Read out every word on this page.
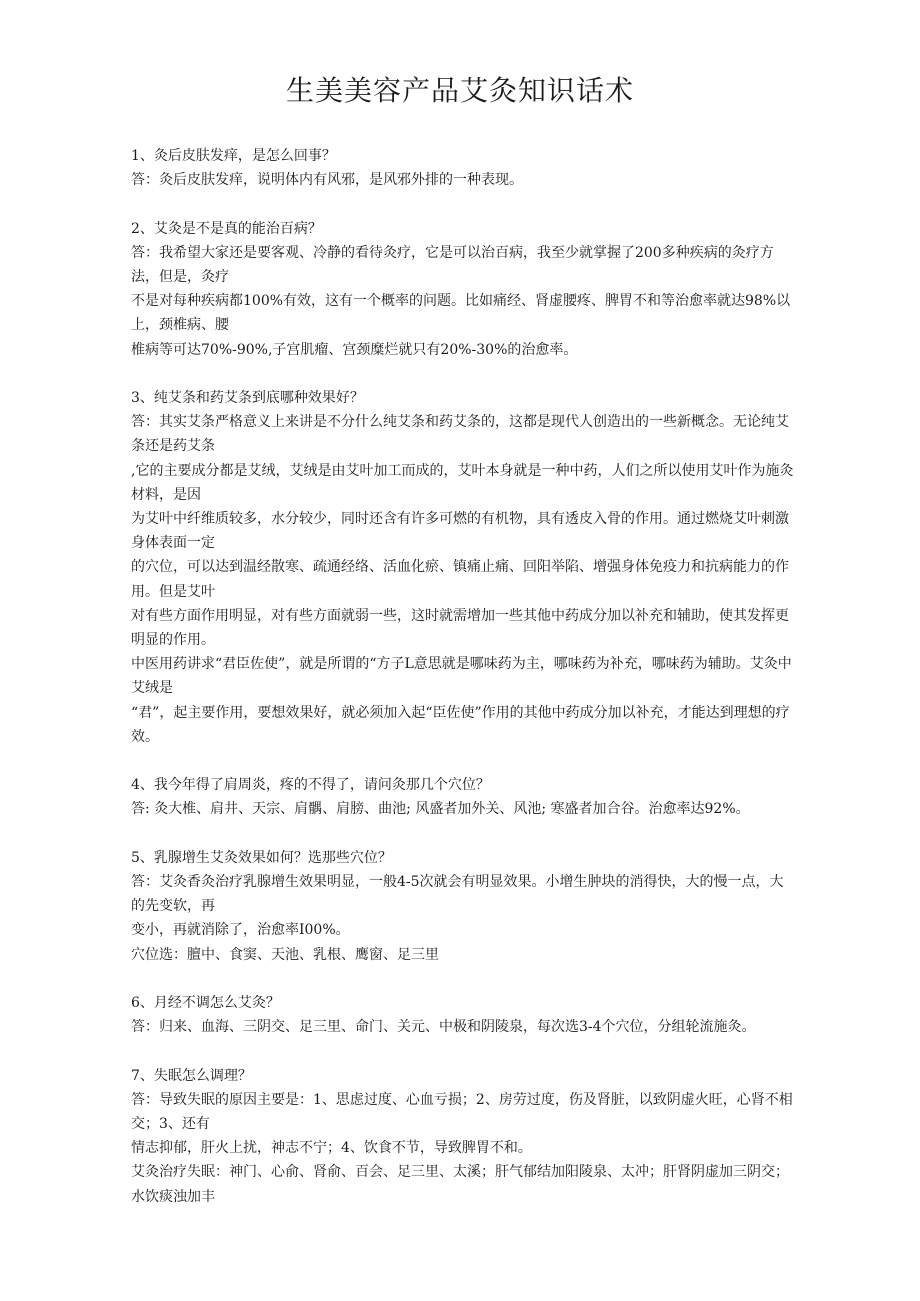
生美美容产品艾灸知识话术
1、灸后皮肤发痒，是怎么回事？
答：灸后皮肤发痒，说明体内有风邪，是风邪外排的一种表现。
2、艾灸是不是真的能治百病？
答：我希望大家还是要客观、冷静的看待灸疗，它是可以治百病，我至少就掌握了200多种疾病的灸疗方法，但是，灸疗
不是对每种疾病都100%有效，这有一个概率的问题。比如痛经、肾虚腰疼、脾胃不和等治愈率就达98%以上，颈椎病、腰
椎病等可达70%-90%,子宫肌瘤、宫颈糜烂就只有20%-30%的治愈率。
3、纯艾条和药艾条到底哪种效果好？
答：其实艾条严格意义上来讲是不分什么纯艾条和药艾条的，这都是现代人创造出的一些新概念。无论纯艾条还是药艾条
,它的主要成分都是艾绒，艾绒是由艾叶加工而成的，艾叶本身就是一种中药，人们之所以使用艾叶作为施灸材料，是因
为艾叶中纤维质较多，水分较少，同时还含有许多可燃的有机物，具有透皮入骨的作用。通过燃烧艾叶刺激身体表面一定
的穴位，可以达到温经散寒、疏通经络、活血化瘀、镇痛止痛、回阳举陷、增强身体免疫力和抗病能力的作用。但是艾叶
对有些方面作用明显，对有些方面就弱一些，这时就需增加一些其他中药成分加以补充和辅助，使其发挥更明显的作用。
中医用药讲求“君臣佐使”，就是所谓的“方子L意思就是哪味药为主，哪味药为补充，哪味药为辅助。艾灸中艾绒是
“君”，起主要作用，要想效果好，就必须加入起“臣佐使”作用的其他中药成分加以补充，才能达到理想的疗效。
4、我今年得了肩周炎，疼的不得了，请问灸那几个穴位？
答: 灸大椎、肩井、天宗、肩髃、肩膀、曲池; 风盛者加外关、风池; 寒盛者加合谷。治愈率达92%。
5、乳腺增生艾灸效果如何？选那些穴位？
答：艾灸香灸治疗乳腺增生效果明显，一般4-5次就会有明显效果。小增生肿块的消得快，大的慢一点，大的先变软，再
变小，再就消除了，治愈率I00%。
穴位选：膻中、食窦、天池、乳根、鹰窗、足三里
6、月经不调怎么艾灸？
答：归来、血海、三阴交、足三里、命门、关元、中极和阴陵泉，每次选3-4个穴位，分组轮流施灸。
7、失眠怎么调理？
答：导致失眠的原因主要是：1、思虑过度、心血亏损；2、房劳过度，伤及肾脏，以致阴虚火旺，心肾不相交；3、还有
情志抑郁，肝火上扰，神志不宁；4、饮食不节，导致脾胃不和。
艾灸治疗失眠：神门、心俞、肾俞、百会、足三里、太溪；肝气郁结加阳陵泉、太冲；肝肾阴虚加三阴交；水饮痰浊加丰
